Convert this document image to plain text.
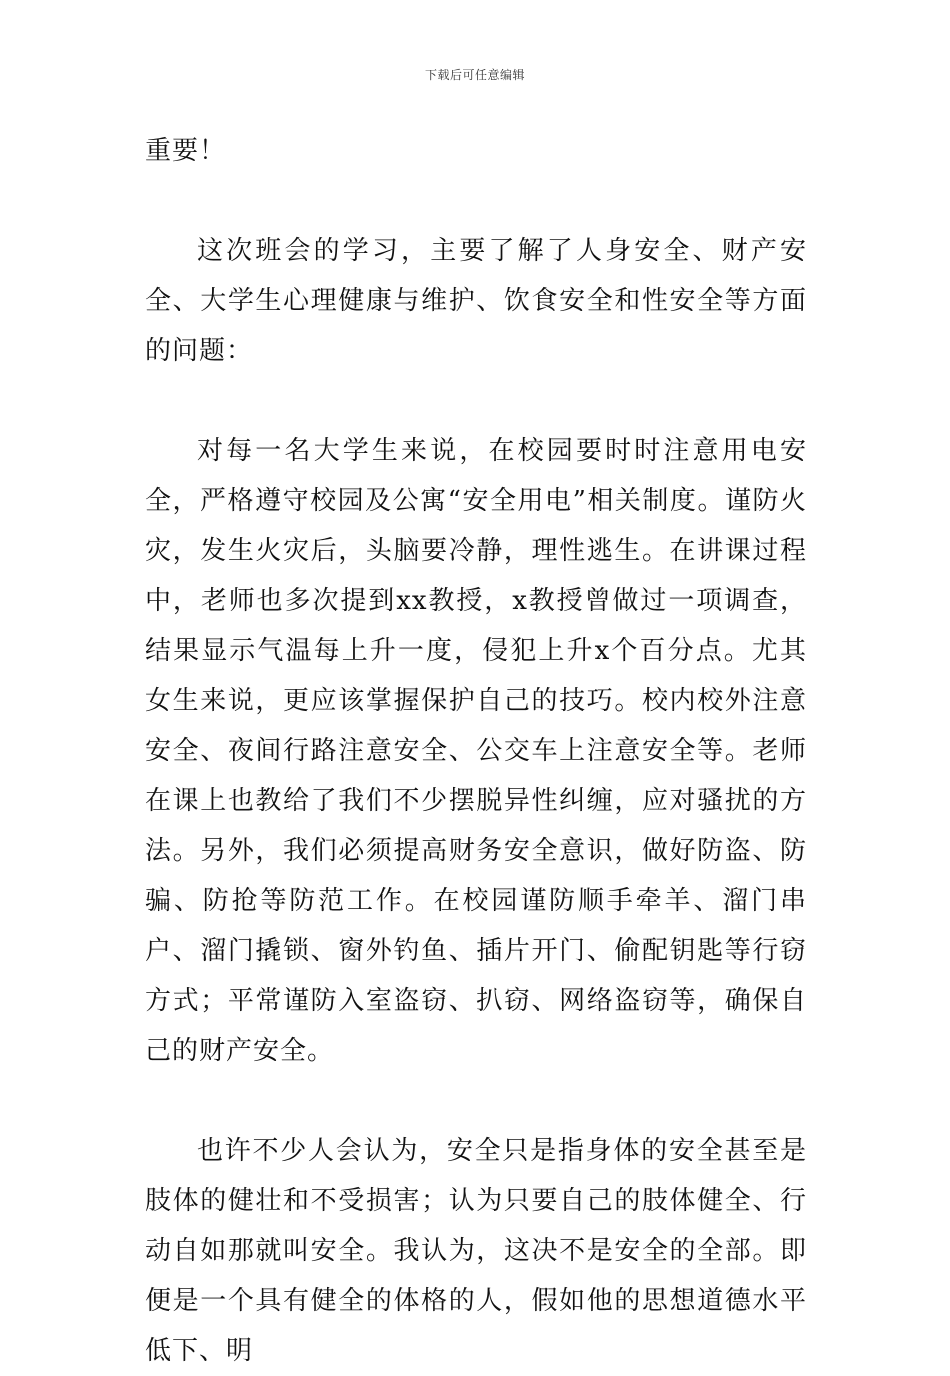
下载后可任意编辑

重要！

这次班会的学习，主要了解了人身安全、财产安全、大学生心理健康与维护、饮食安全和性安全等方面的问题：

对每一名大学生来说，在校园要时时注意用电安全，严格遵守校园及公寓“安全用电”相关制度。谨防火灾，发生火灾后，头脑要冷静，理性逃生。在讲课过程中，老师也多次提到xx教授，x教授曾做过一项调查，结果显示气温每上升一度，侵犯上升x个百分点。尤其女生来说，更应该掌握保护自己的技巧。校内校外注意安全、夜间行路注意安全、公交车上注意安全等。老师在课上也教给了我们不少摆脱异性纠缠，应对骚扰的方法。另外，我们必须提高财务安全意识，做好防盗、防骗、防抢等防范工作。在校园谨防顺手牵羊、溜门串户、溜门撬锁、窗外钓鱼、插片开门、偷配钥匙等行窃方式；平常谨防入室盗窃、扒窃、网络盗窃等，确保自己的财产安全。

也许不少人会认为，安全只是指身体的安全甚至是肢体的健壮和不受损害；认为只要自己的肢体健全、行动自如那就叫安全。我认为，这决不是安全的全部。即便是一个具有健全的体格的人，假如他的思想道德水平低下、明
